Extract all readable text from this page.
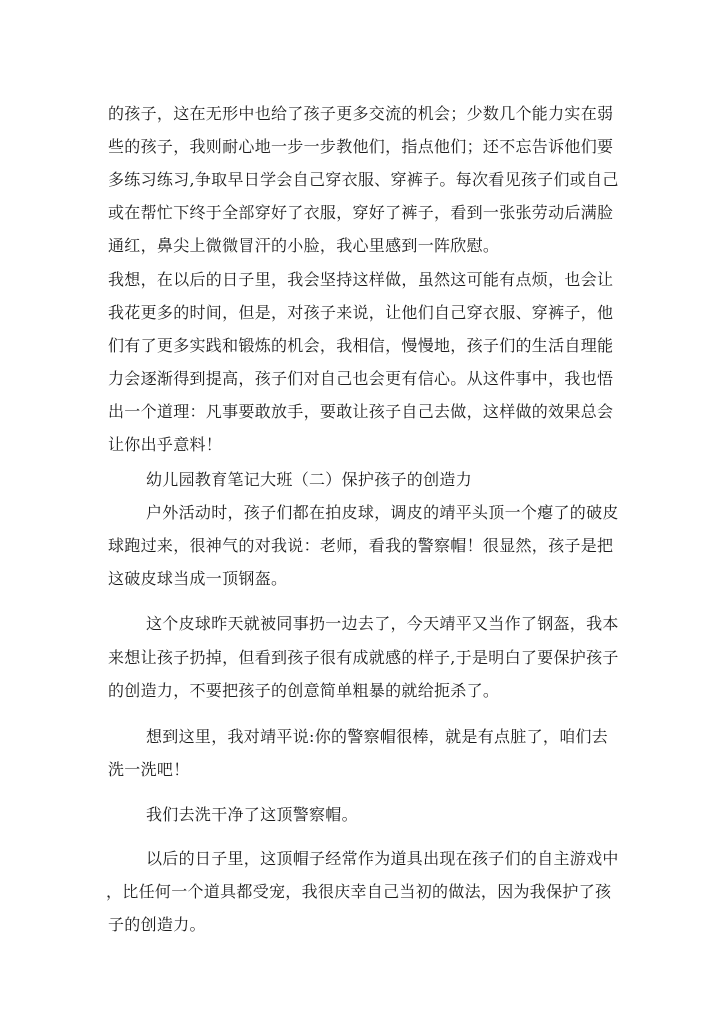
的孩子，这在无形中也给了孩子更多交流的机会；少数几个能力实在弱

些的孩子，我则耐心地一步一步教他们，指点他们；还不忘告诉他们要

多练习练习,争取早日学会自己穿衣服、穿裤子。每次看见孩子们或自己

或在帮忙下终于全部穿好了衣服，穿好了裤子，看到一张张劳动后满脸

通红，鼻尖上微微冒汗的小脸，我心里感到一阵欣慰。

我想，在以后的日子里，我会坚持这样做，虽然这可能有点烦，也会让

我花更多的时间，但是，对孩子来说，让他们自己穿衣服、穿裤子，他

们有了更多实践和锻炼的机会，我相信，慢慢地，孩子们的生活自理能

力会逐渐得到提高，孩子们对自己也会更有信心。从这件事中，我也悟

出一个道理：凡事要敢放手，要敢让孩子自己去做，这样做的效果总会

让你出乎意料！

幼儿园教育笔记大班（二）保护孩子的创造力

户外活动时，孩子们都在拍皮球，调皮的靖平头顶一个瘪了的破皮

球跑过来，很神气的对我说：老师，看我的警察帽！很显然，孩子是把

这破皮球当成一顶钢盔。

这个皮球昨天就被同事扔一边去了，今天靖平又当作了钢盔，我本

来想让孩子扔掉，但看到孩子很有成就感的样子,于是明白了要保护孩子

的创造力，不要把孩子的创意简单粗暴的就给扼杀了。

想到这里，我对靖平说:你的警察帽很棒，就是有点脏了，咱们去

洗一洗吧！

我们去洗干净了这顶警察帽。

以后的日子里，这顶帽子经常作为道具出现在孩子们的自主游戏中

，比任何一个道具都受宠，我很庆幸自己当初的做法，因为我保护了孩

子的创造力。
